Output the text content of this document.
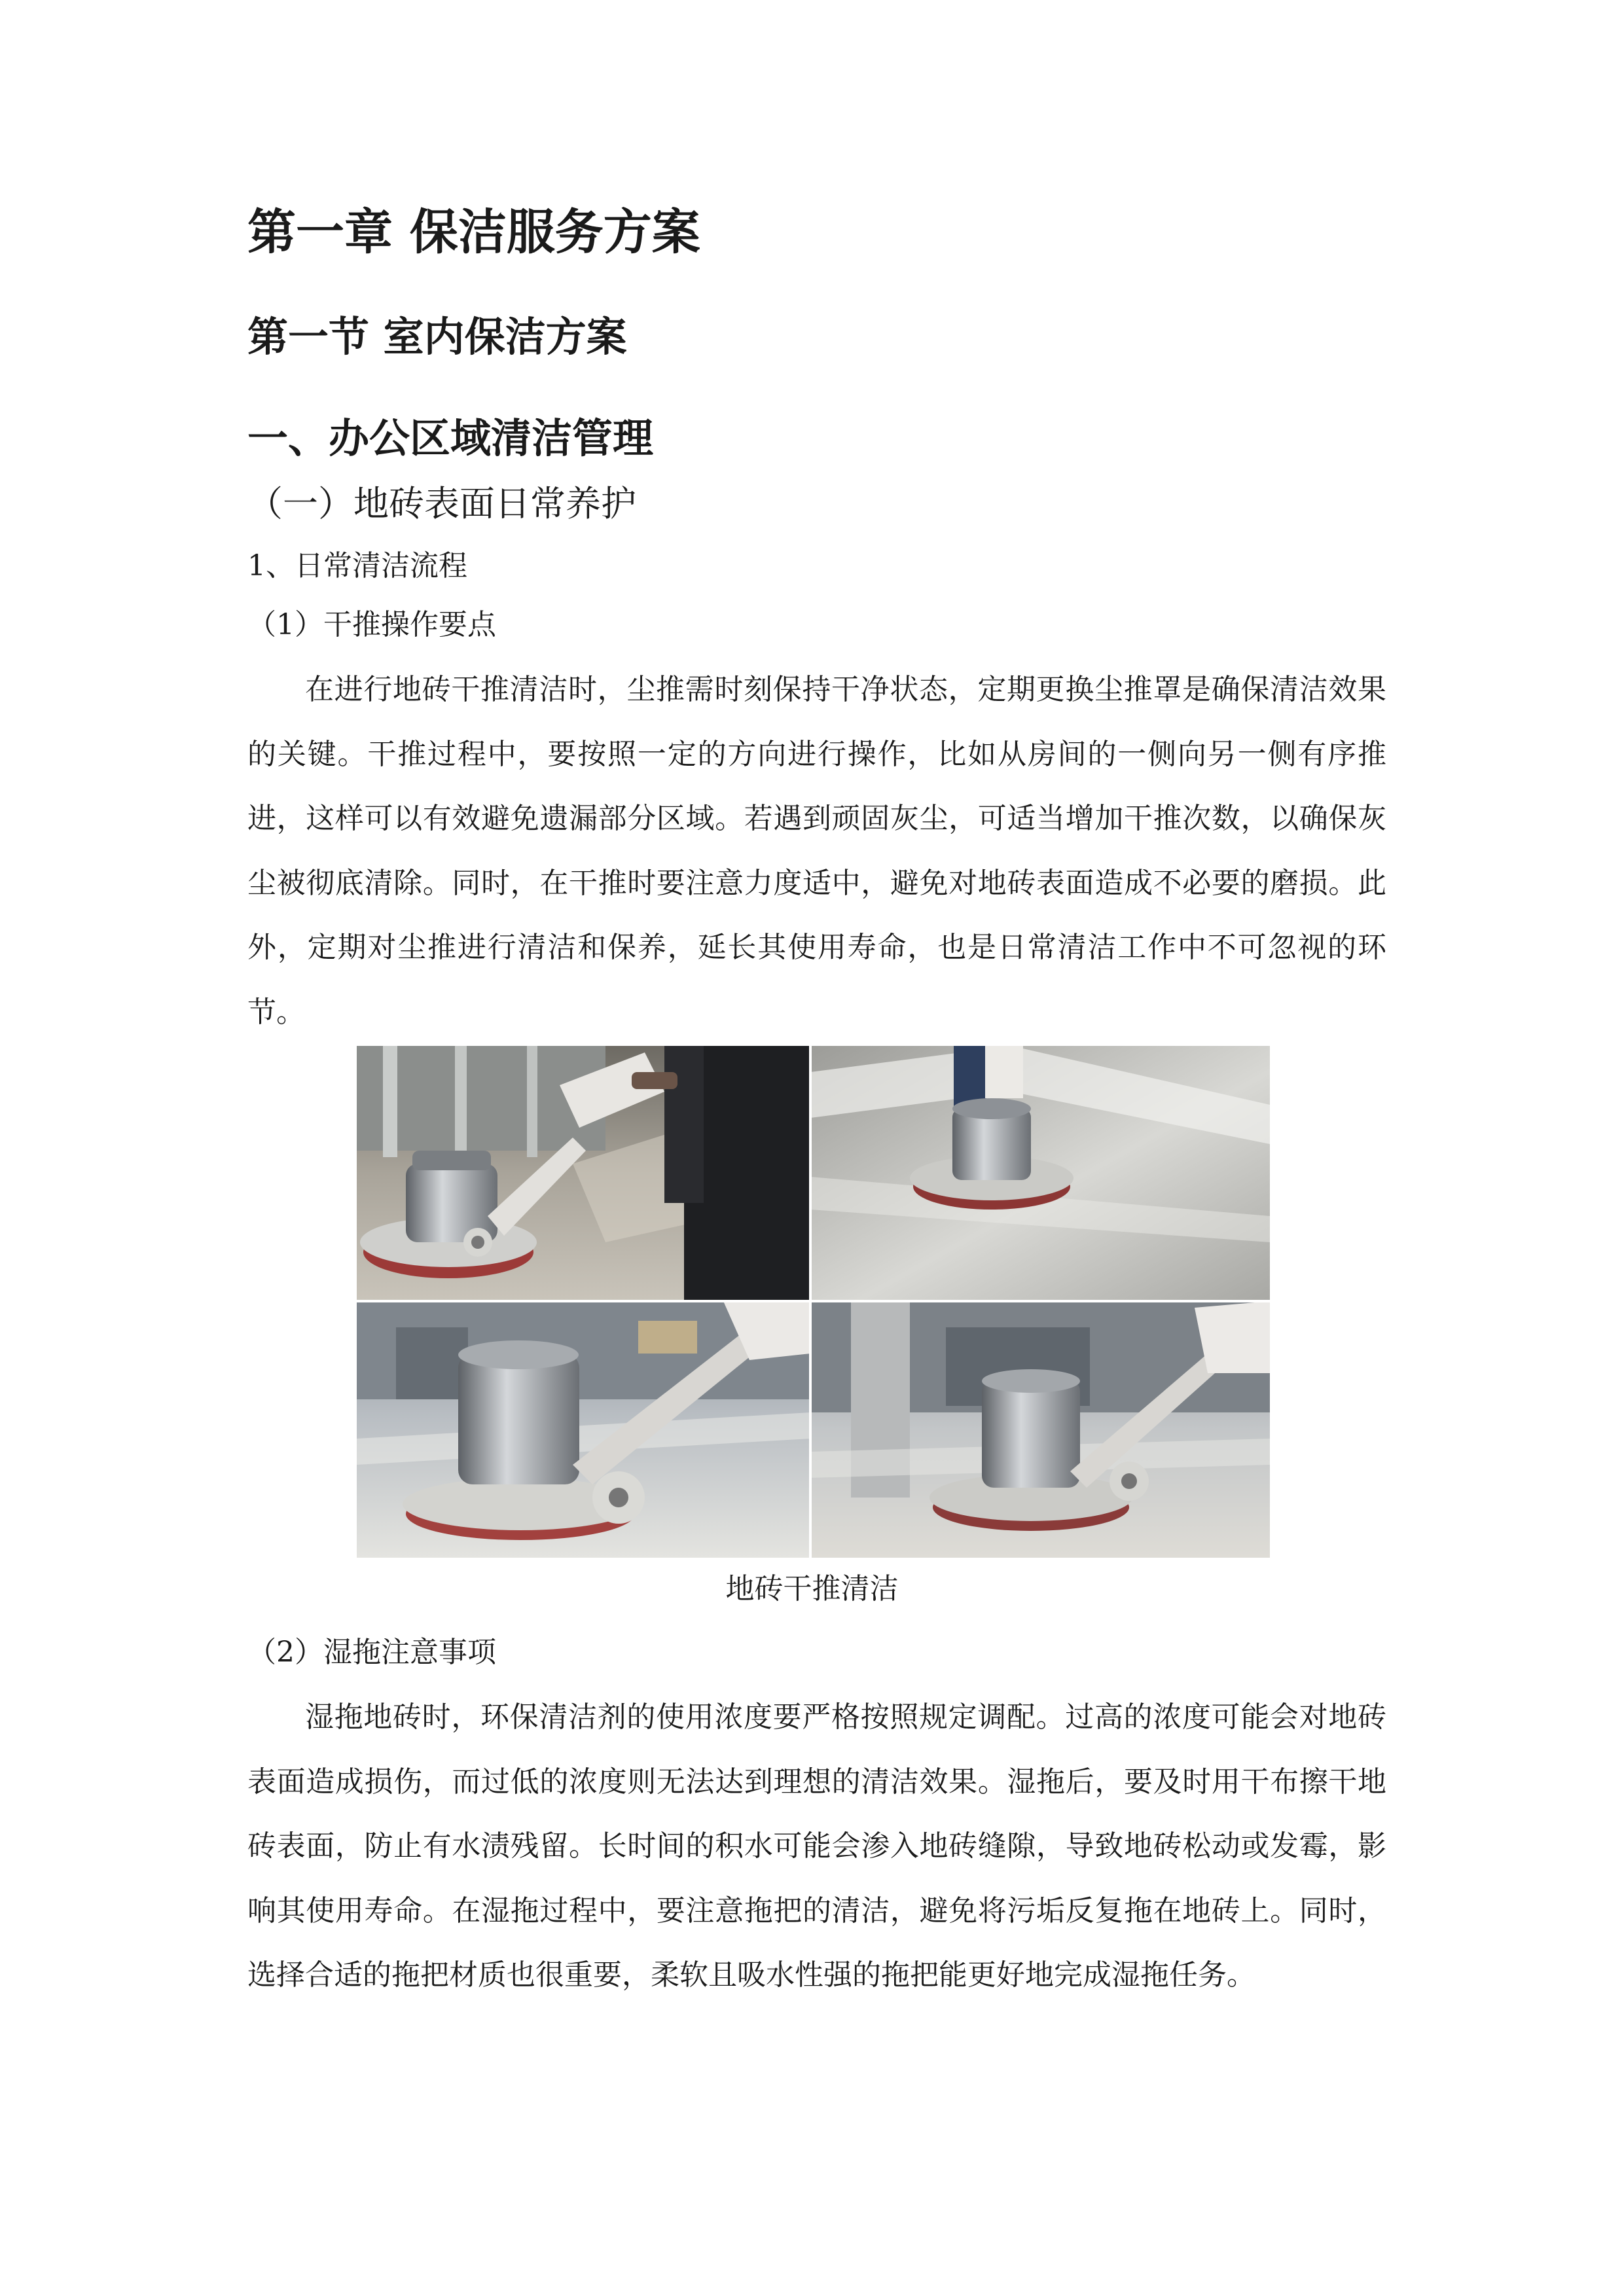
第一章 保洁服务方案
第一节 室内保洁方案
一、办公区域清洁管理
（一）地砖表面日常养护
1、日常清洁流程
（1）干推操作要点

在进行地砖干推清洁时，尘推需时刻保持干净状态，定期更换尘推罩是确保清洁效果的关键。干推过程中，要按照一定的方向进行操作，比如从房间的一侧向另一侧有序推进，这样可以有效避免遗漏部分区域。若遇到顽固灰尘，可适当增加干推次数，以确保灰尘被彻底清除。同时，在干推时要注意力度适中，避免对地砖表面造成不必要的磨损。此外，定期对尘推进行清洁和保养，延长其使用寿命，也是日常清洁工作中不可忽视的环节。

地砖干推清洁

（2）湿拖注意事项

湿拖地砖时，环保清洁剂的使用浓度要严格按照规定调配。过高的浓度可能会对地砖表面造成损伤，而过低的浓度则无法达到理想的清洁效果。湿拖后，要及时用干布擦干地砖表面，防止有水渍残留。长时间的积水可能会渗入地砖缝隙，导致地砖松动或发霉，影响其使用寿命。在湿拖过程中，要注意拖把的清洁，避免将污垢反复拖在地砖上。同时，选择合适的拖把材质也很重要，柔软且吸水性强的拖把能更好地完成湿拖任务。
